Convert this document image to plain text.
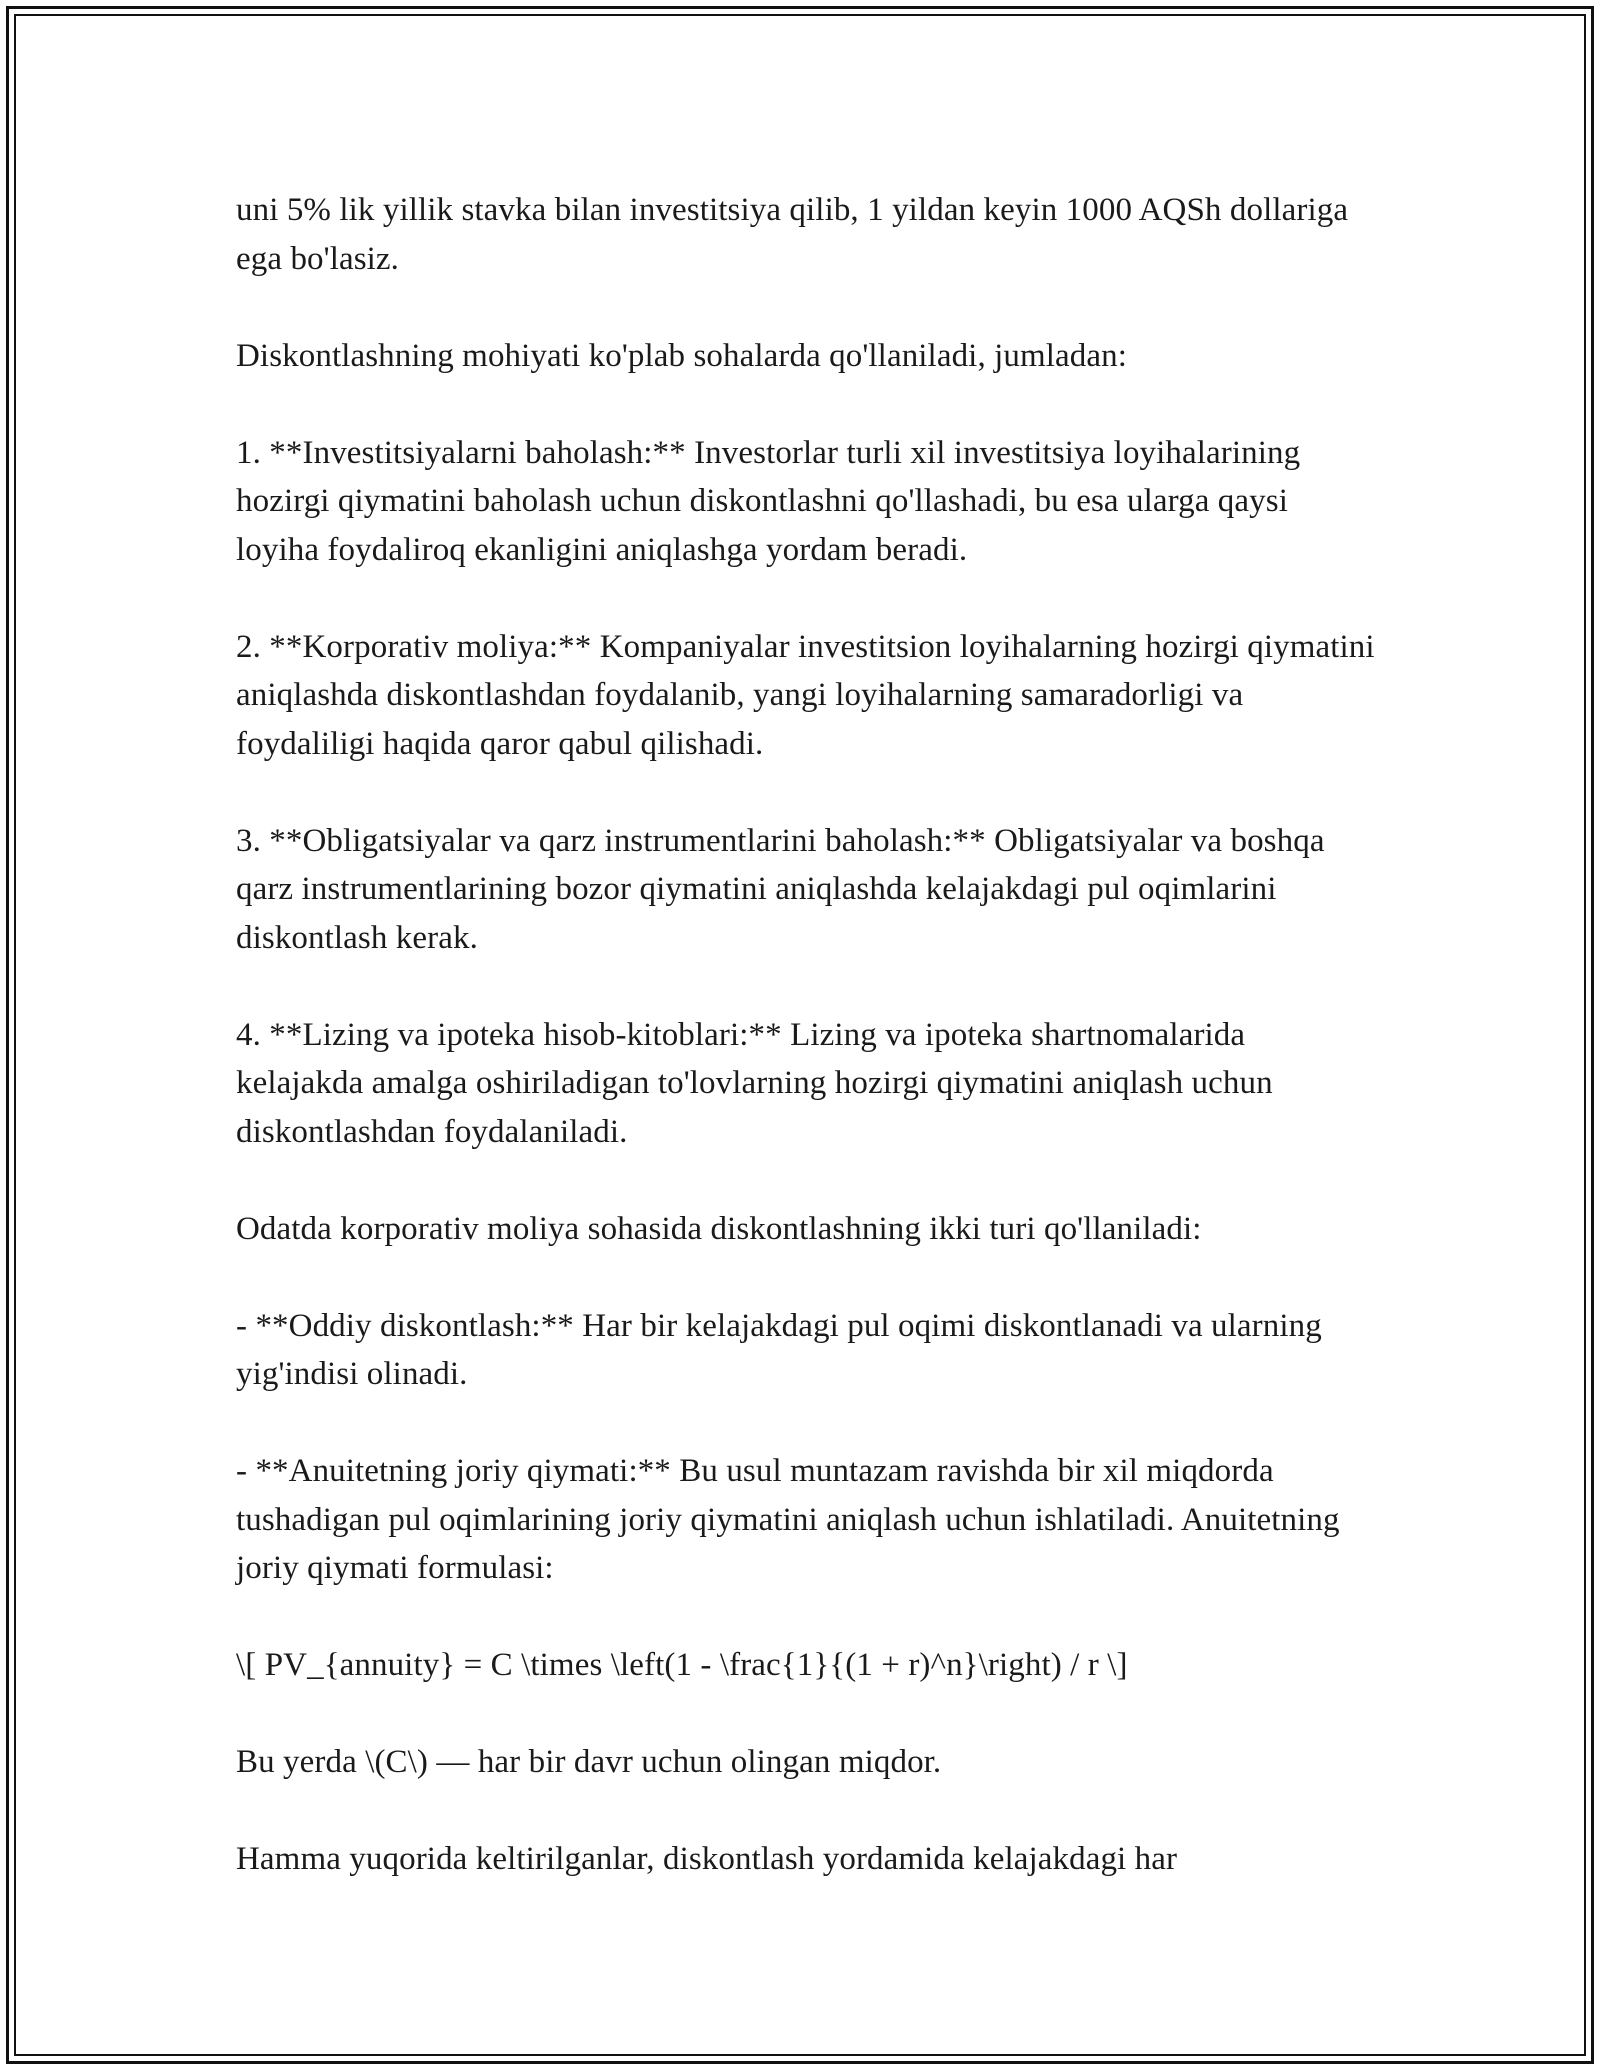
uni 5% lik yillik stavka bilan investitsiya qilib, 1 yildan keyin 1000 AQSh dollariga ega bo'lasiz.

Diskontlashning mohiyati ko'plab sohalarda qo'llaniladi, jumladan:

1. **Investitsiyalarni baholash:** Investorlar turli xil investitsiya loyihalarining hozirgi qiymatini baholash uchun diskontlashni qo'llashadi, bu esa ularga qaysi loyiha foydaliroq ekanligini aniqlashga yordam beradi.

2. **Korporativ moliya:** Kompaniyalar investitsion loyihalarning hozirgi qiymatini aniqlashda diskontlashdan foydalanib, yangi loyihalarning samaradorligi va foydaliligi haqida qaror qabul qilishadi.

3. **Obligatsiyalar va qarz instrumentlarini baholash:** Obligatsiyalar va boshqa qarz instrumentlarining bozor qiymatini aniqlashda kelajakdagi pul oqimlarini diskontlash kerak.

4. **Lizing va ipoteka hisob-kitoblari:** Lizing va ipoteka shartnomalarida kelajakda amalga oshiriladigan to'lovlarning hozirgi qiymatini aniqlash uchun diskontlashdan foydalaniladi.

Odatda korporativ moliya sohasida diskontlashning ikki turi qo'llaniladi:

- **Oddiy diskontlash:** Har bir kelajakdagi pul oqimi diskontlanadi va ularning yig'indisi olinadi.

- **Anuitetning joriy qiymati:** Bu usul muntazam ravishda bir xil miqdorda tushadigan pul oqimlarining joriy qiymatini aniqlash uchun ishlatiladi. Anuitetning joriy qiymati formulasi:

\[ PV_{annuity} = C \times \left(1 - \frac{1}{(1 + r)^n}\right) / r \]

Bu yerda \(C\) — har bir davr uchun olingan miqdor.

Hamma yuqorida keltirilganlar, diskontlash yordamida kelajakdagi har
